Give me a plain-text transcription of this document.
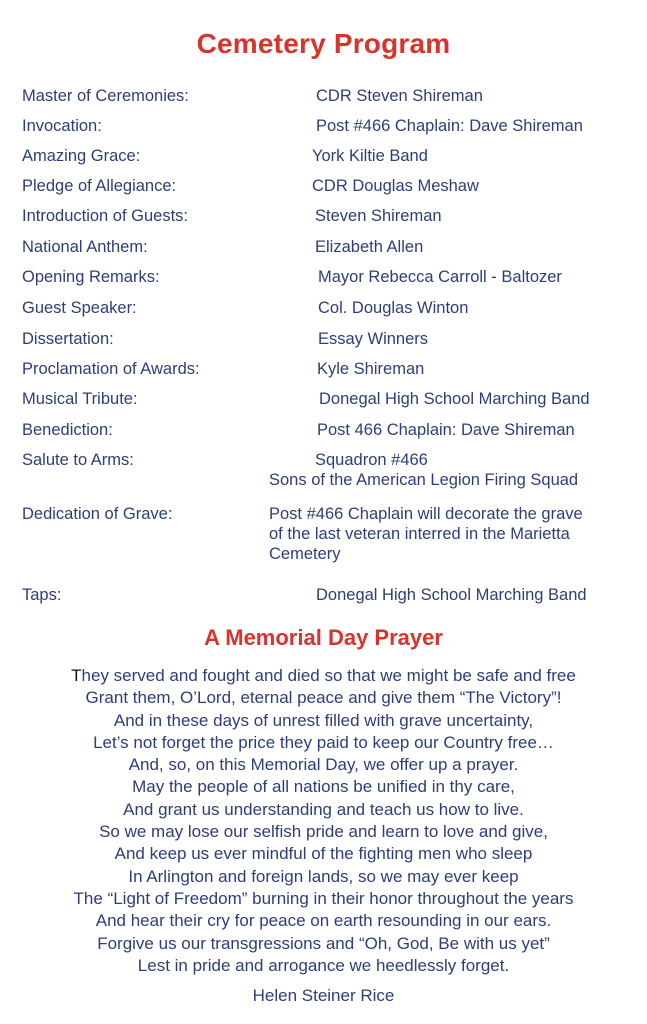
Cemetery Program
Master of Ceremonies:	CDR Steven Shireman
Invocation:	Post #466 Chaplain: Dave Shireman
Amazing Grace:	York Kiltie Band
Pledge of Allegiance:	CDR Douglas Meshaw
Introduction of Guests:	Steven Shireman
National Anthem:	Elizabeth Allen
Opening Remarks:	Mayor Rebecca Carroll - Baltozer
Guest Speaker:	Col. Douglas Winton
Dissertation:	Essay Winners
Proclamation of Awards:	Kyle Shireman
Musical Tribute:	Donegal High School Marching Band
Benediction:	Post 466 Chaplain: Dave Shireman
Salute to Arms:	Squadron #466
Sons of the American Legion Firing Squad
Dedication of Grave:	Post #466 Chaplain will decorate the grave
of the last veteran interred in the Marietta
Cemetery
Taps:	Donegal High School Marching Band
A Memorial Day Prayer
They served and fought and died so that we might be safe and free
Grant them, O’Lord, eternal peace and give them “The Victory”!
And in these days of unrest filled with grave uncertainty,
Let’s not forget the price they paid to keep our Country free…
And, so, on this Memorial Day, we offer up a prayer.
May the people of all nations be unified in thy care,
And grant us understanding and teach us how to live.
So we may lose our selfish pride and learn to love and give,
And keep us ever mindful of the fighting men who sleep
In Arlington and foreign lands, so we may ever keep
The “Light of Freedom” burning in their honor throughout the years
And hear their cry for peace on earth resounding in our ears.
Forgive us our transgressions and “Oh, God, Be with us yet”
Lest in pride and arrogance we heedlessly forget.
Helen Steiner Rice
